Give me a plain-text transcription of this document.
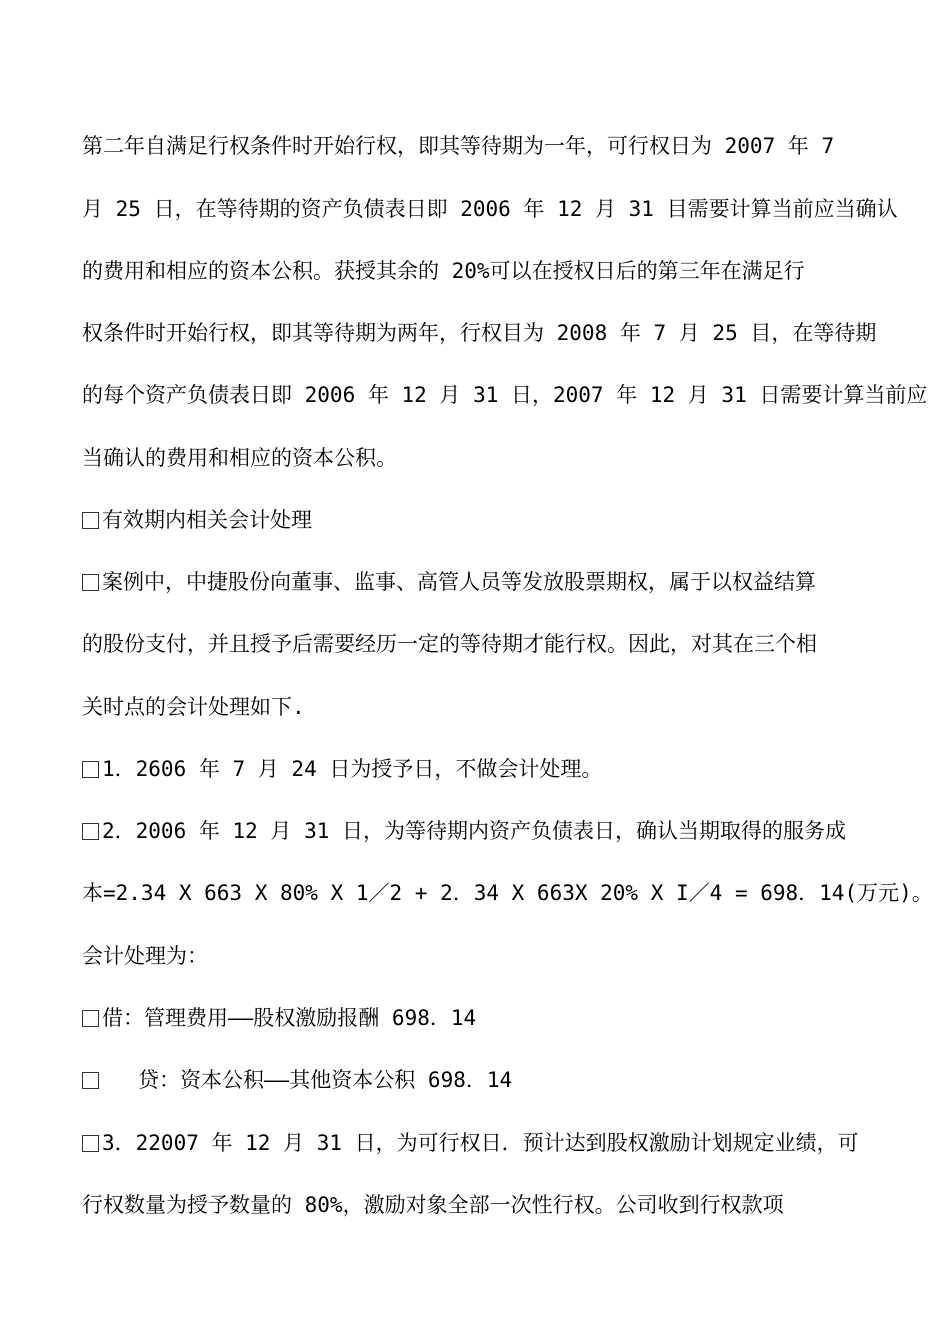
第二年自满足行权条件时开始行权，即其等待期为一年，可行权日为 2007 年 7
月 25 日，在等待期的资产负债表日即 2006 年 12 月 31 目需要计算当前应当确认
的费用和相应的资本公积。获授其余的 20%可以在授权日后的第三年在满足行
权条件时开始行权，即其等待期为两年，行权目为 2008 年 7 月 25 目，在等待期
的每个资产负债表日即 2006 年 12 月 31 日，2007 年 12 月 31 日需要计算当前应
当确认的费用和相应的资本公积。
有效期内相关会计处理
案例中，中捷股份向董事、监事、高管人员等发放股票期权，属于以权益结算
的股份支付，并且授予后需要经历一定的等待期才能行权。因此，对其在三个相
关时点的会计处理如下.
1．2606 年 7 月 24 日为授予日，不做会计处理。
2．2006 年 12 月 31 日，为等待期内资产负债表日，确认当期取得的服务成
本=2.34 X 663 X 80% X 1／2 + 2．34 X 663X 20% X I／4 = 698．14(万元)。
会计处理为：
借：管理费用——股权激励报酬 698．14
贷：资本公积——其他资本公积 698．14
3．22007 年 12 月 31 日，为可行权日．预计达到股权激励计划规定业绩，可
行权数量为授予数量的 80%，激励对象全部一次性行权。公司收到行权款项
